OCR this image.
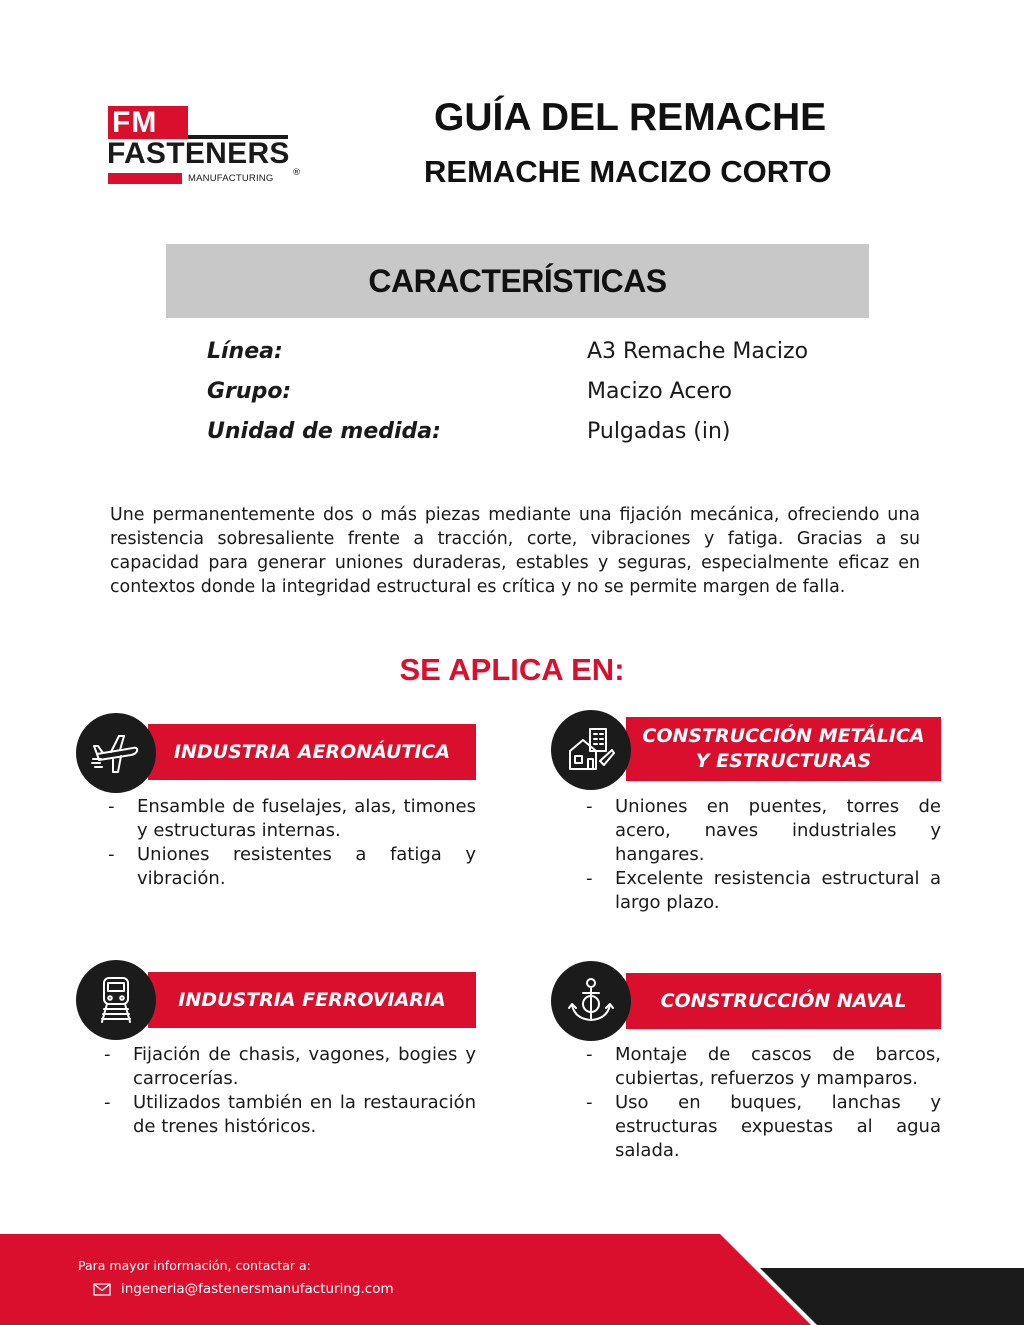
FM
FASTENERS
MANUFACTURING ®
GUÍA DEL REMACHE
REMACHE MACIZO CORTO
CARACTERÍSTICAS
Línea:	A3 Remache Macizo
Grupo:	Macizo Acero
Unidad de medida:	Pulgadas (in)

Une permanentemente dos o más piezas mediante una fijación mecánica, ofreciendo una resistencia sobresaliente frente a tracción, corte, vibraciones y fatiga. Gracias a su capacidad para generar uniones duraderas, estables y seguras, especialmente eficaz en contextos donde la integridad estructural es crítica y no se permite margen de falla.

SE APLICA EN:
INDUSTRIA AERONÁUTICA
- Ensamble de fuselajes, alas, timones y estructuras internas.
- Uniones resistentes a fatiga y vibración.
CONSTRUCCIÓN METÁLICA
Y ESTRUCTURAS
- Uniones en puentes, torres de acero, naves industriales y hangares.
- Excelente resistencia estructural a largo plazo.
INDUSTRIA FERROVIARIA
- Fijación de chasis, vagones, bogies y carrocerías.
- Utilizados también en la restauración de trenes históricos.
CONSTRUCCIÓN NAVAL
- Montaje de cascos de barcos, cubiertas, refuerzos y mamparos.
- Uso en buques, lanchas y estructuras expuestas al agua salada.
Para mayor información, contactar a:
ingeneria@fastenersmanufacturing.com
